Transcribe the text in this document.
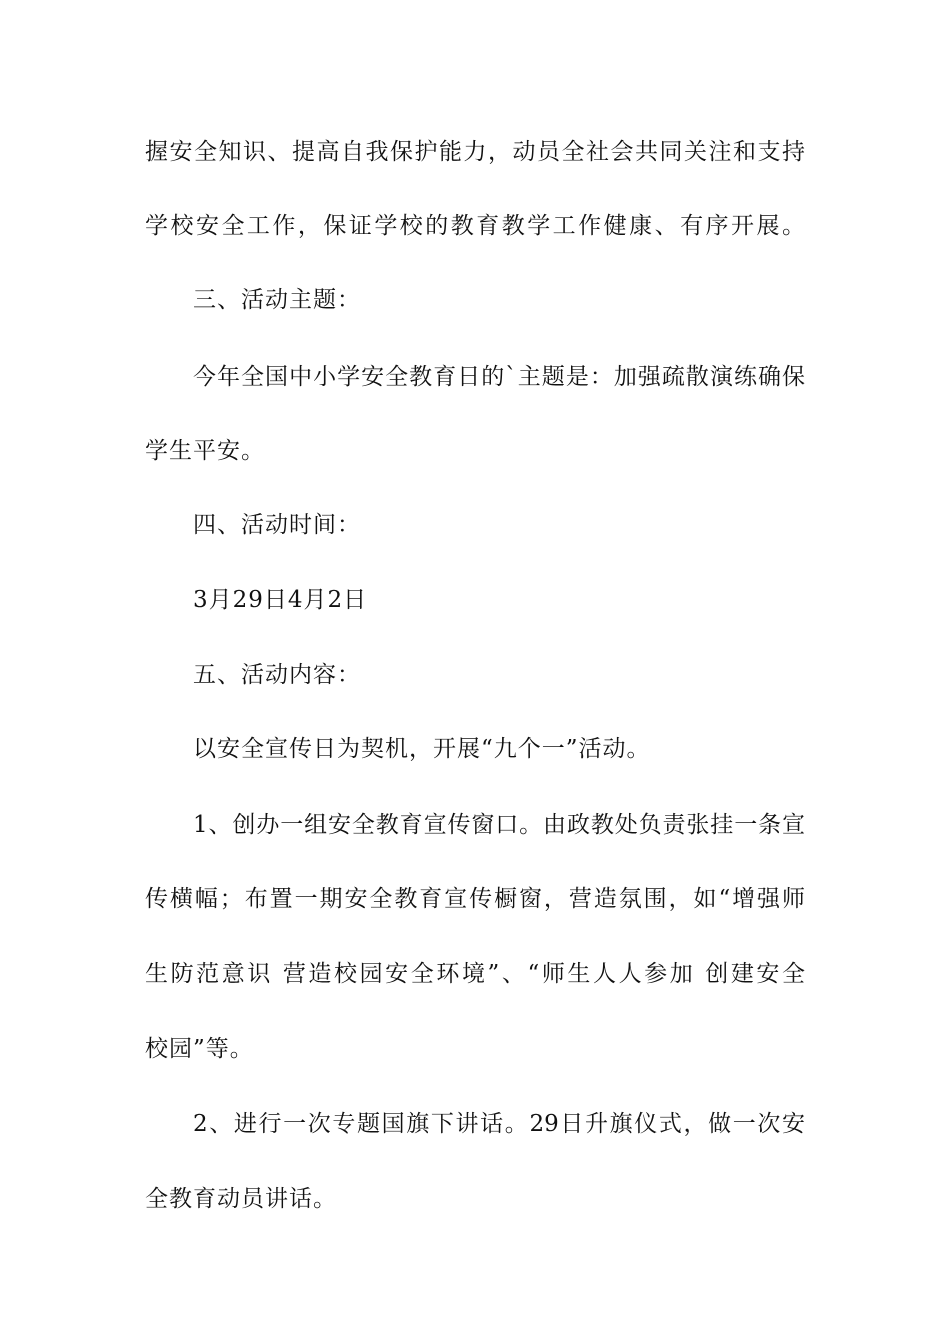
握安全知识、提高自我保护能力，动员全社会共同关注和支持
学校安全工作，保证学校的教育教学工作健康、有序开展。
三、活动主题：
今年全国中小学安全教育日的`主题是：加强疏散演练确保
学生平安。
四、活动时间：
3月29日4月2日
五、活动内容：
以安全宣传日为契机，开展“九个一”活动。
1、创办一组安全教育宣传窗口。由政教处负责张挂一条宣
传横幅；布置一期安全教育宣传橱窗，营造氛围，如“增强师
生防范意识 营造校园安全环境”、“师生人人参加 创建安全
校园”等。
2、进行一次专题国旗下讲话。29日升旗仪式，做一次安
全教育动员讲话。
